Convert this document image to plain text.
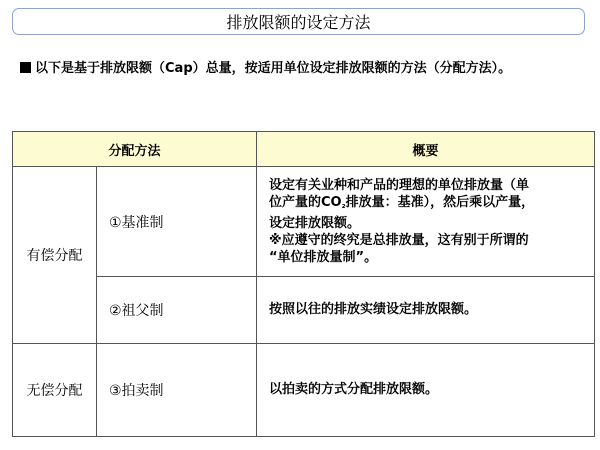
排放限额的设定方法
以下是基于排放限额（Cap）总量，按适用单位设定排放限额的方法（分配方法）。
分配方法		概要
有偿分配	①基准制	设定有关业种和产品的理想的单位排放量（单
位产量的CO₂排放量：基准），然后乘以产量，
设定排放限额。
※应遵守的终究是总排放量，这有别于所谓的
“单位排放量制”。

	②祖父制	按照以往的排放实绩设定排放限额。
无偿分配	③拍卖制	以拍卖的方式分配排放限额。
